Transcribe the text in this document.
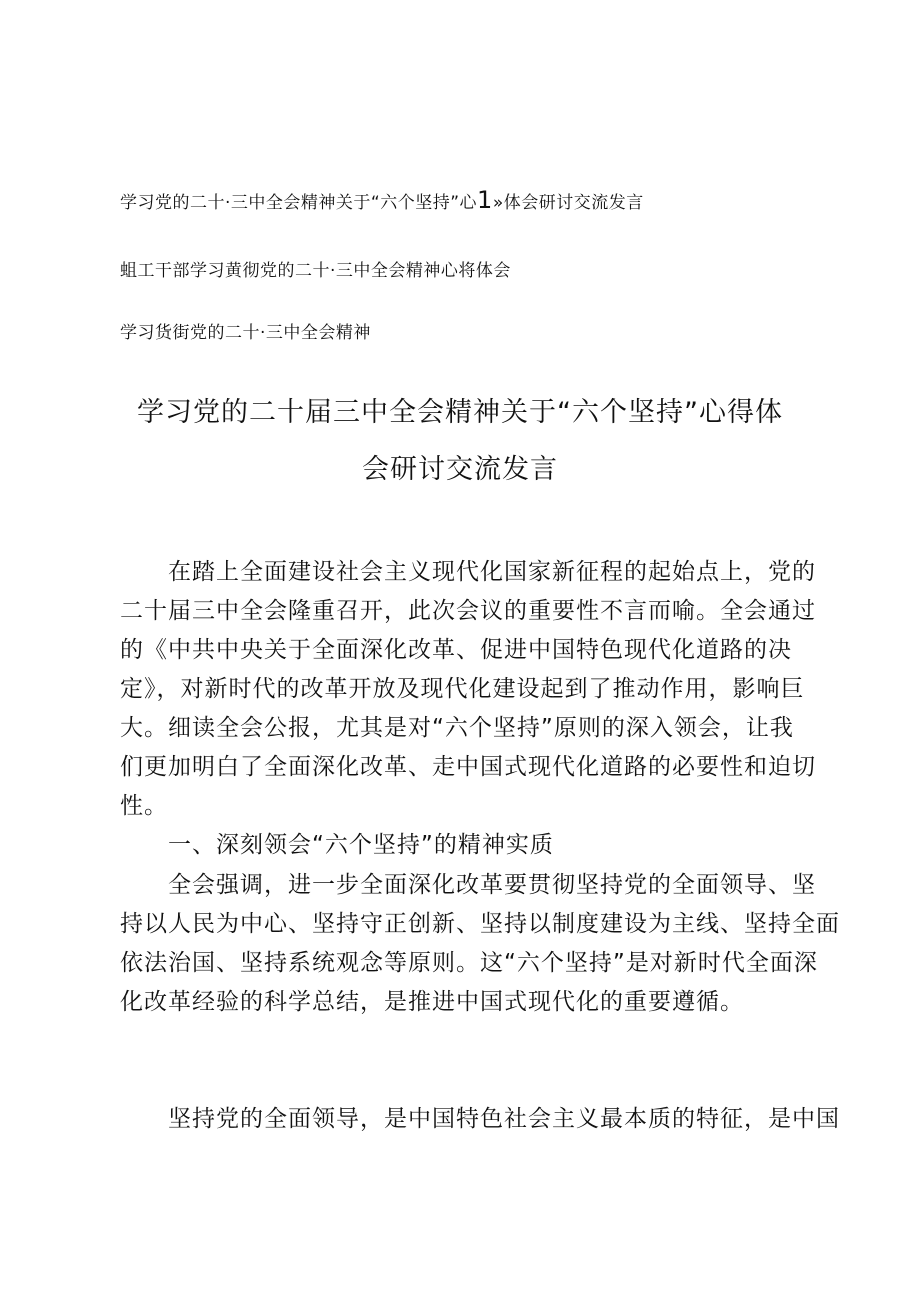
学习党的二十·三中全会精神关于“六个坚持”心1»体会研讨交流发言
蛆工干部学习黄彻党的二十·三中全会精神心将体会
学习货街党的二十·三中全会精神
学习党的二十届三中全会精神关于“六个坚持”心得体
会研讨交流发言
　　在踏上全面建设社会主义现代化国家新征程的起始点上，党的
二十届三中全会隆重召开，此次会议的重要性不言而喻。全会通过
的《中共中央关于全面深化改革、促进中国特色现代化道路的决
定》，对新时代的改革开放及现代化建设起到了推动作用，影响巨
大。细读全会公报，尤其是对“六个坚持”原则的深入领会，让我
们更加明白了全面深化改革、走中国式现代化道路的必要性和迫切
性。
　　一、深刻领会“六个坚持”的精神实质
　　全会强调，进一步全面深化改革要贯彻坚持党的全面领导、坚
持以人民为中心、坚持守正创新、坚持以制度建设为主线、坚持全面
依法治国、坚持系统观念等原则。这“六个坚持”是对新时代全面深
化改革经验的科学总结，是推进中国式现代化的重要遵循。
　　坚持党的全面领导，是中国特色社会主义最本质的特征，是中国
